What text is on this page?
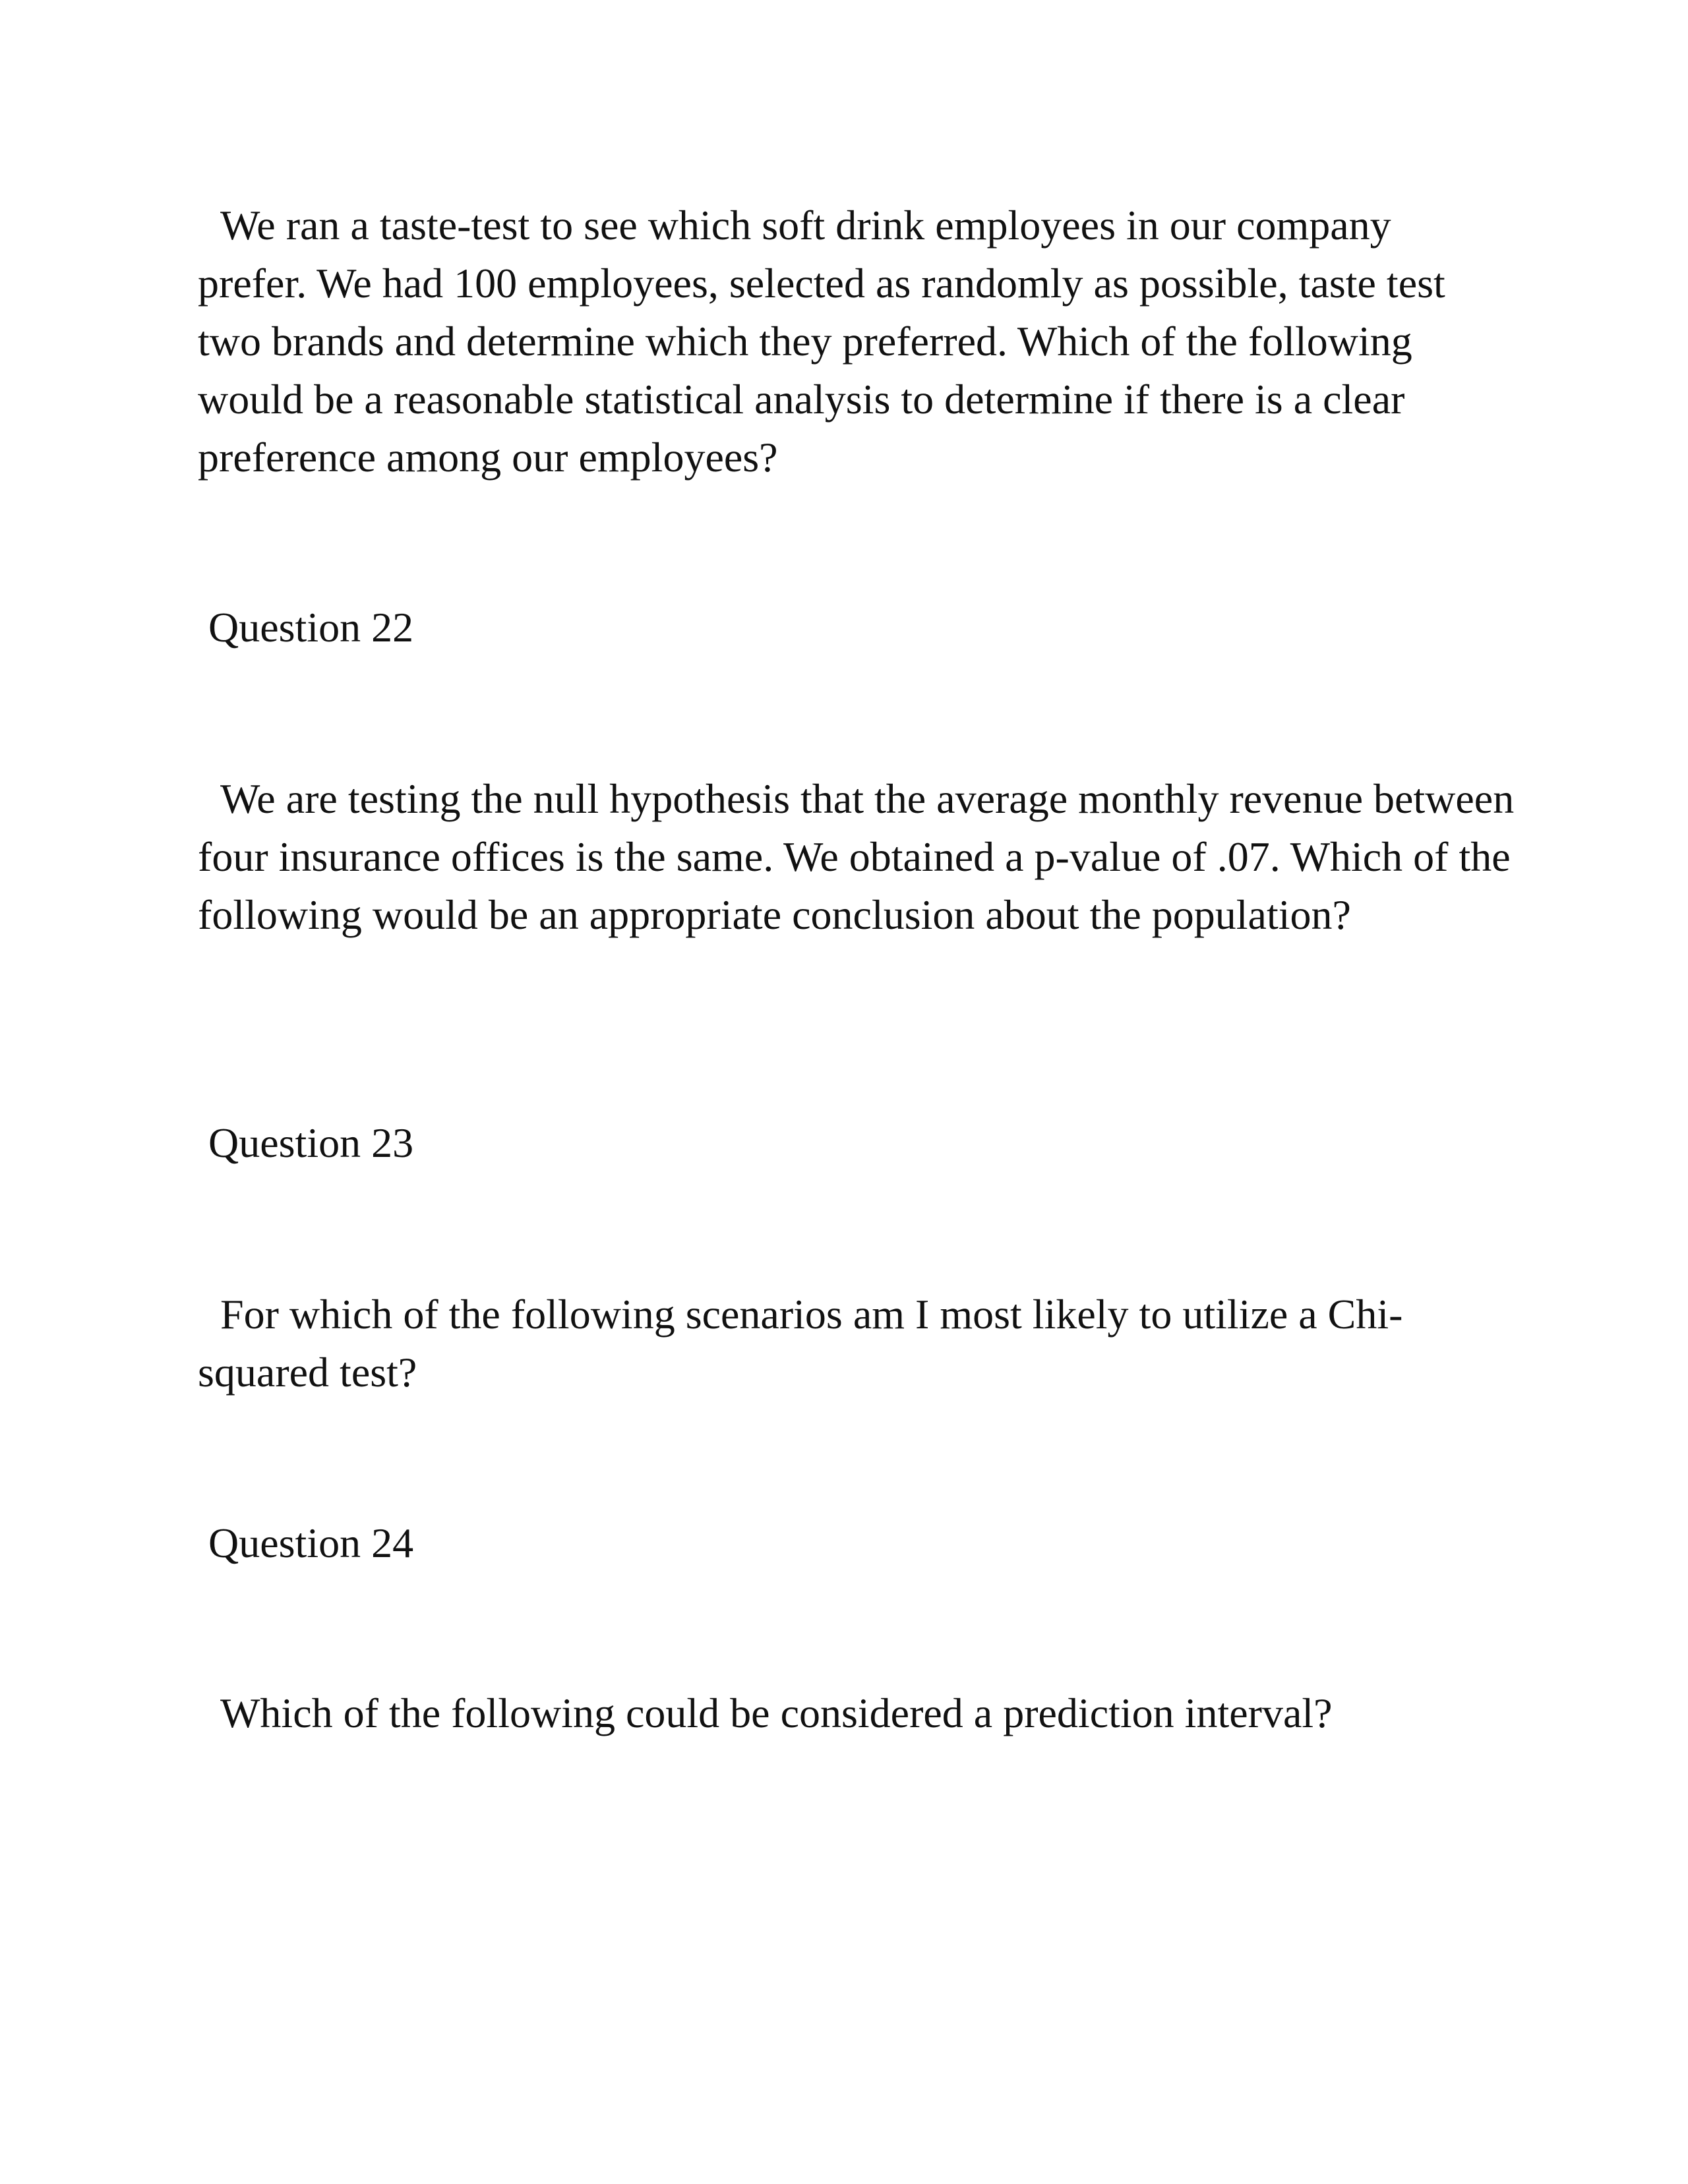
We ran a taste-test to see which soft drink employees in our company prefer. We had 100 employees, selected as randomly as possible, taste test two brands and determine which they preferred. Which of the following would be a reasonable statistical analysis to determine if there is a clear preference among our employees?

Question 22

We are testing the null hypothesis that the average monthly revenue between four insurance offices is the same. We obtained a p-value of .07. Which of the following would be an appropriate conclusion about the population?

Question 23

For which of the following scenarios am I most likely to utilize a Chi-squared test?

Question 24

Which of the following could be considered a prediction interval?
